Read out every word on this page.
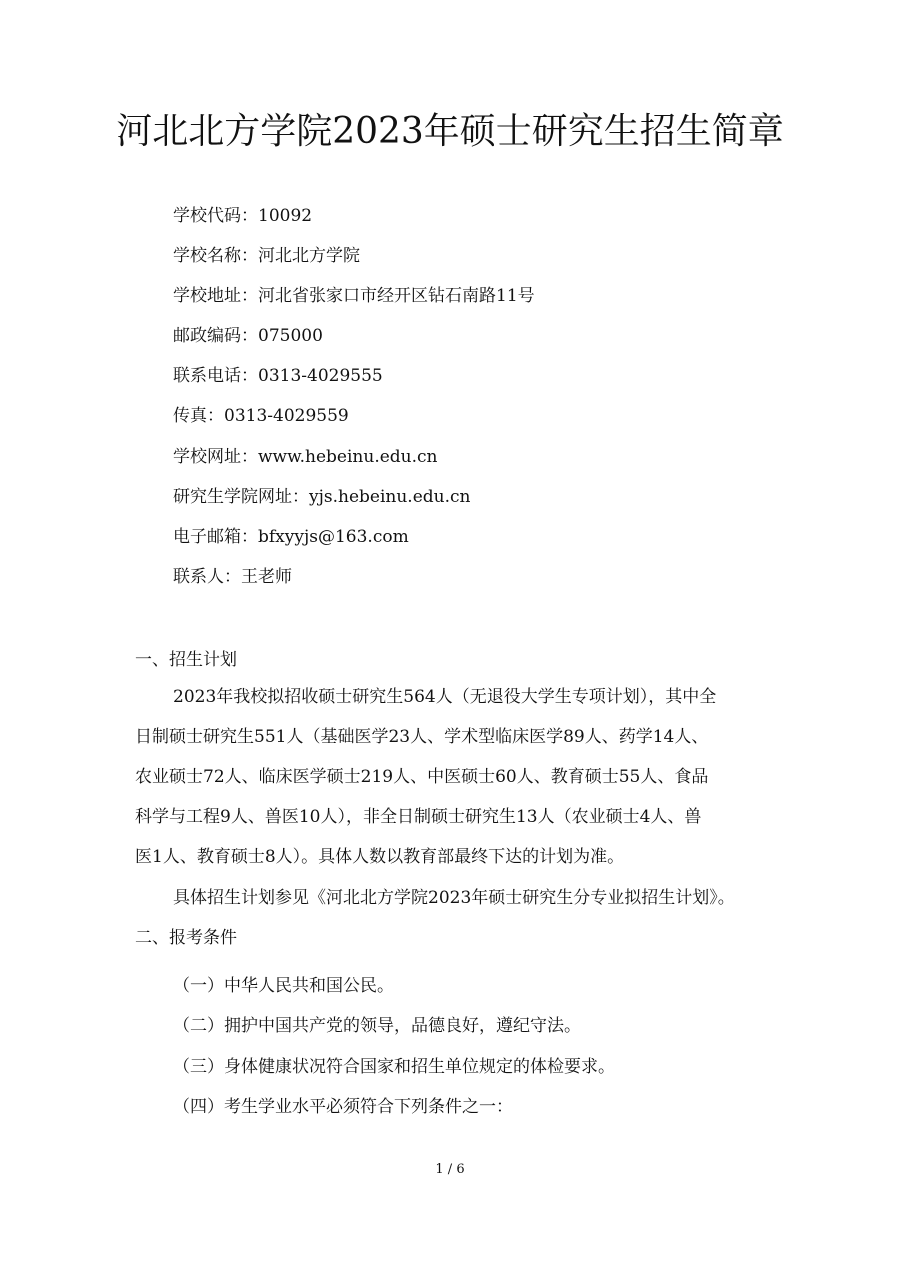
河北北方学院2023年硕士研究生招生简章
学校代码：10092
学校名称：河北北方学院
学校地址：河北省张家口市经开区钻石南路11号
邮政编码：075000
联系电话：0313-4029555
传真：0313-4029559
学校网址：www.hebeinu.edu.cn
研究生学院网址：yjs.hebeinu.edu.cn
电子邮箱：bfxyyjs@163.com
联系人：王老师
一、招生计划
2023年我校拟招收硕士研究生564人（无退役大学生专项计划），其中全
日制硕士研究生551人（基础医学23人、学术型临床医学89人、药学14人、
农业硕士72人、临床医学硕士219人、中医硕士60人、教育硕士55人、食品
科学与工程9人、兽医10人），非全日制硕士研究生13人（农业硕士4人、兽
医1人、教育硕士8人）。具体人数以教育部最终下达的计划为准。
具体招生计划参见《河北北方学院2023年硕士研究生分专业拟招生计划》。
二、报考条件
（一）中华人民共和国公民。
（二）拥护中国共产党的领导，品德良好，遵纪守法。
（三）身体健康状况符合国家和招生单位规定的体检要求。
（四）考生学业水平必须符合下列条件之一：
1 / 6
